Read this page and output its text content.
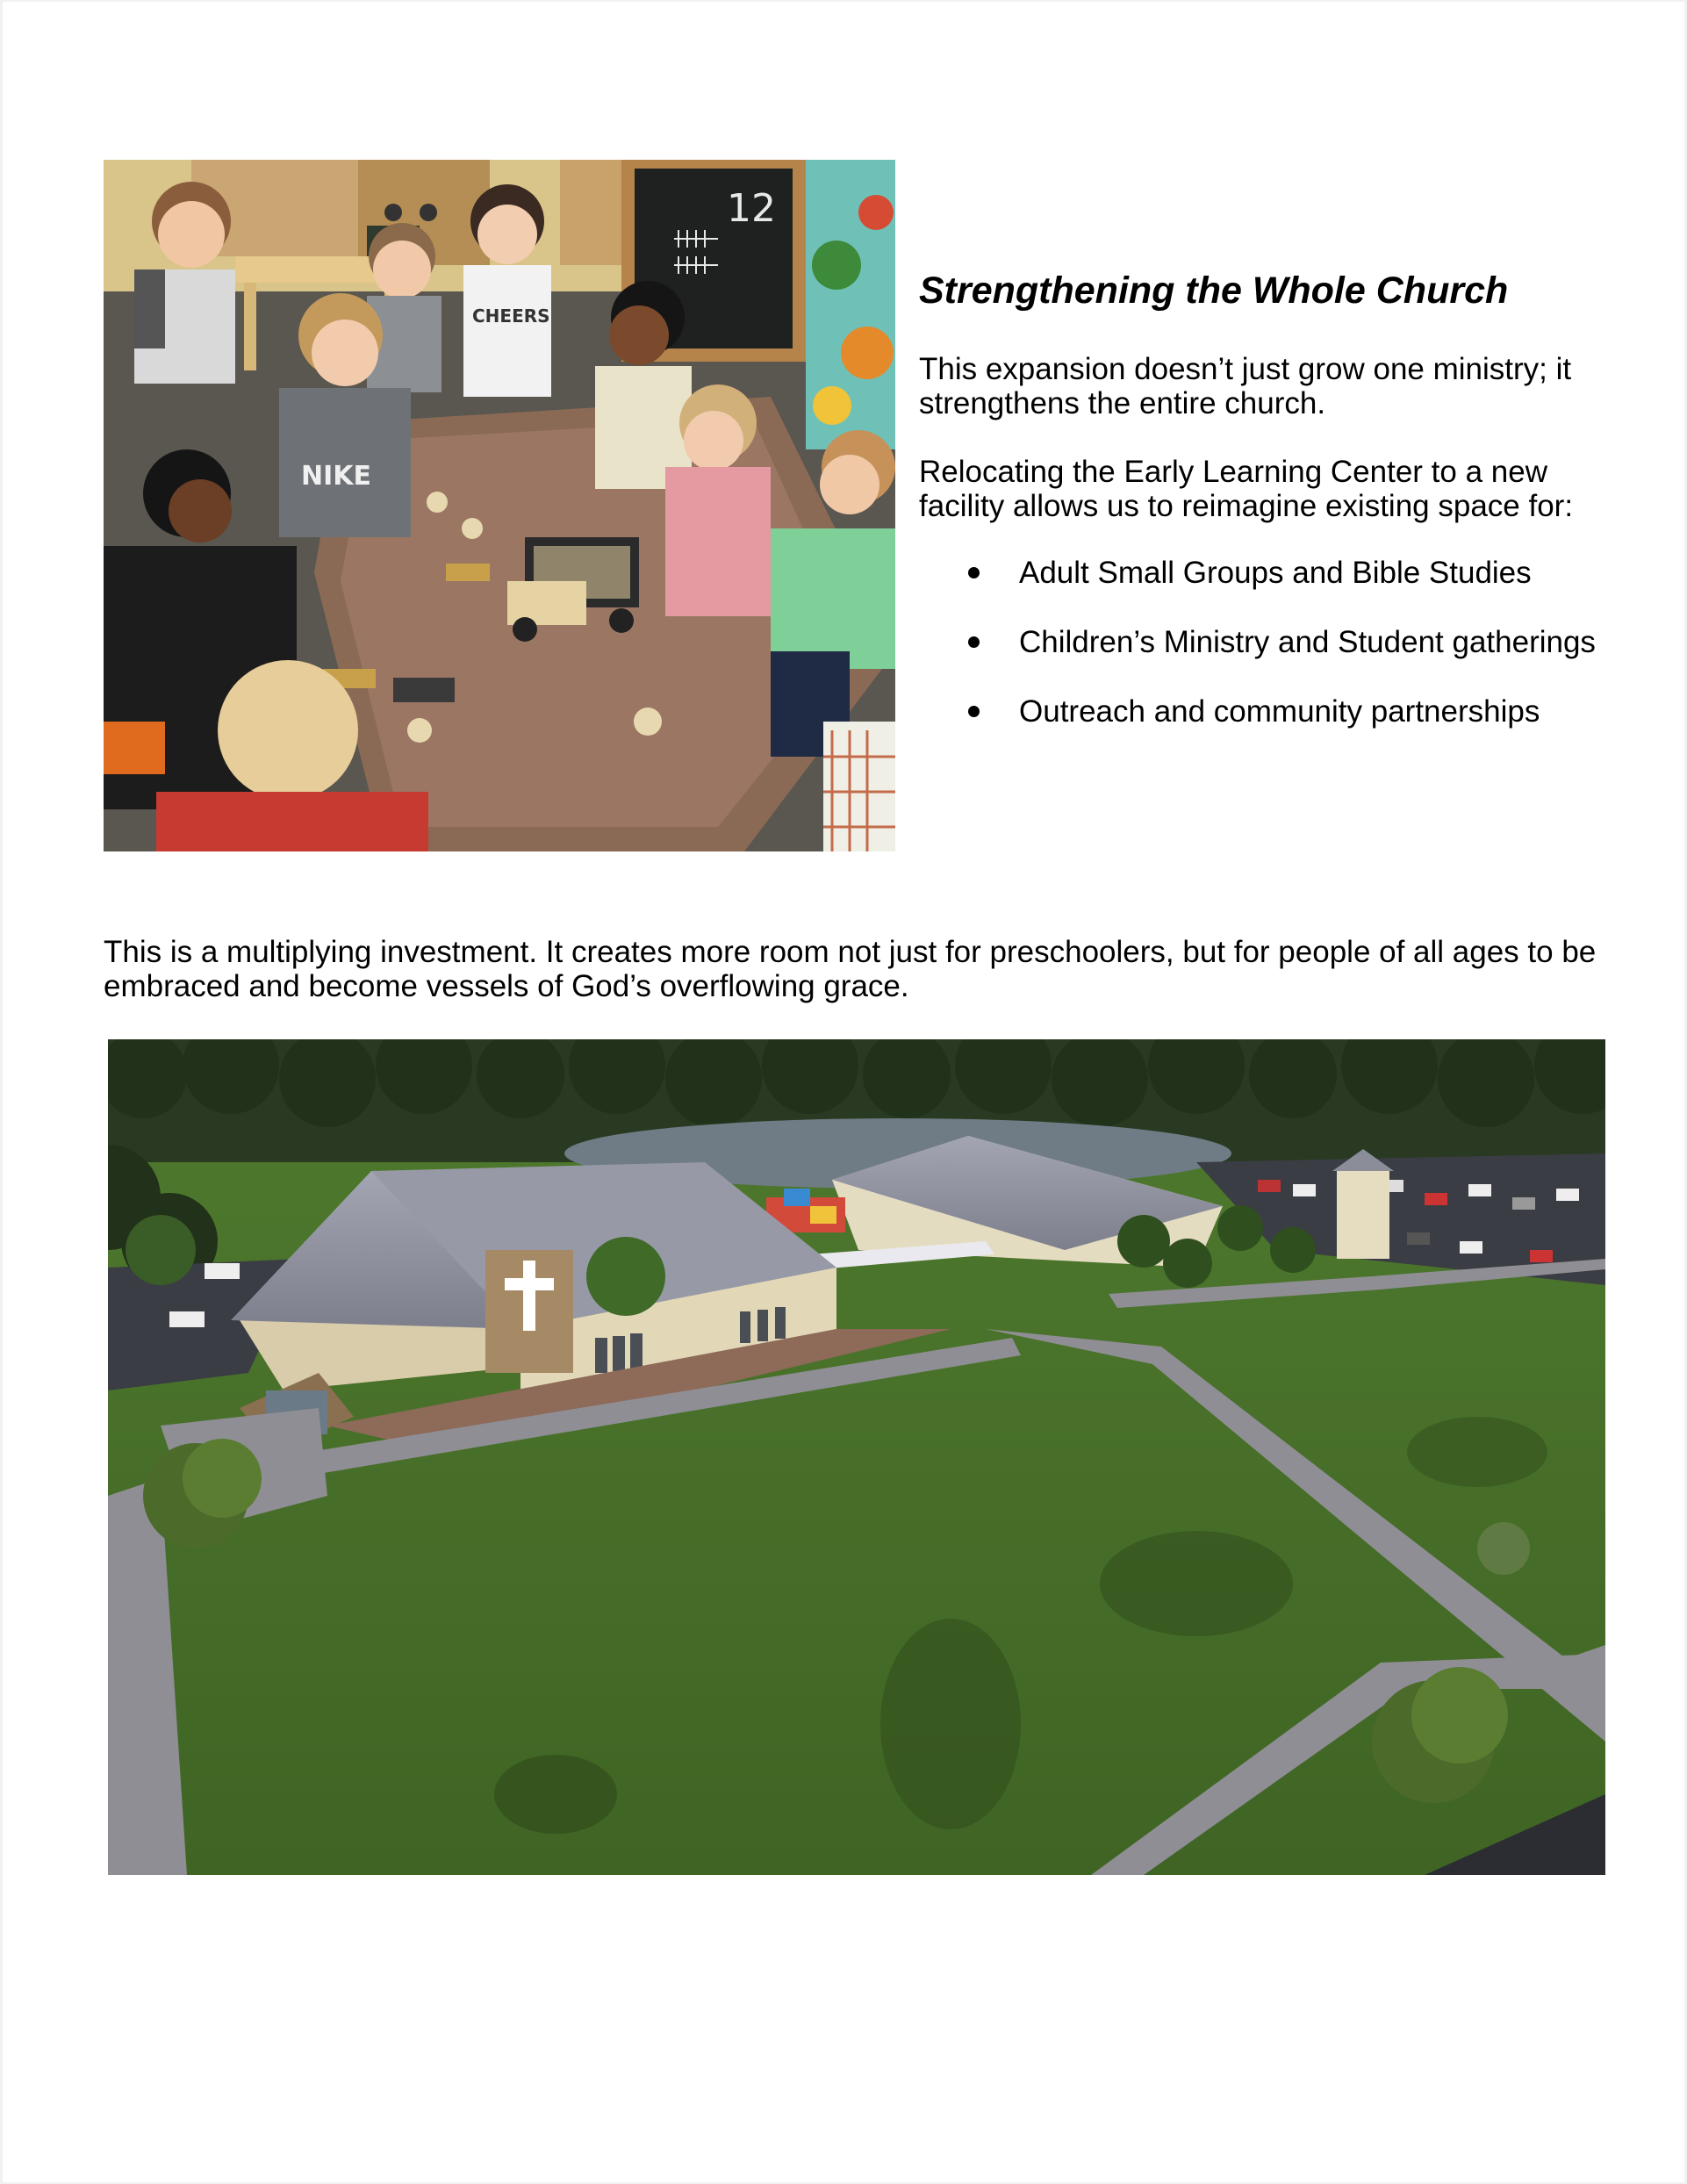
12
CHEERS
NIKE
Strengthening the Whole Church

This expansion doesn’t just grow one ministry; it strengthens the entire church.

Relocating the Early Learning Center to a new facility allows us to reimagine existing space for:

Adult Small Groups and Bible Studies
Children’s Ministry and Student gatherings
Outreach and community partnerships

This is a multiplying investment. It creates more room not just for preschoolers, but for people of all ages to be embraced and become vessels of God’s overflowing grace.
